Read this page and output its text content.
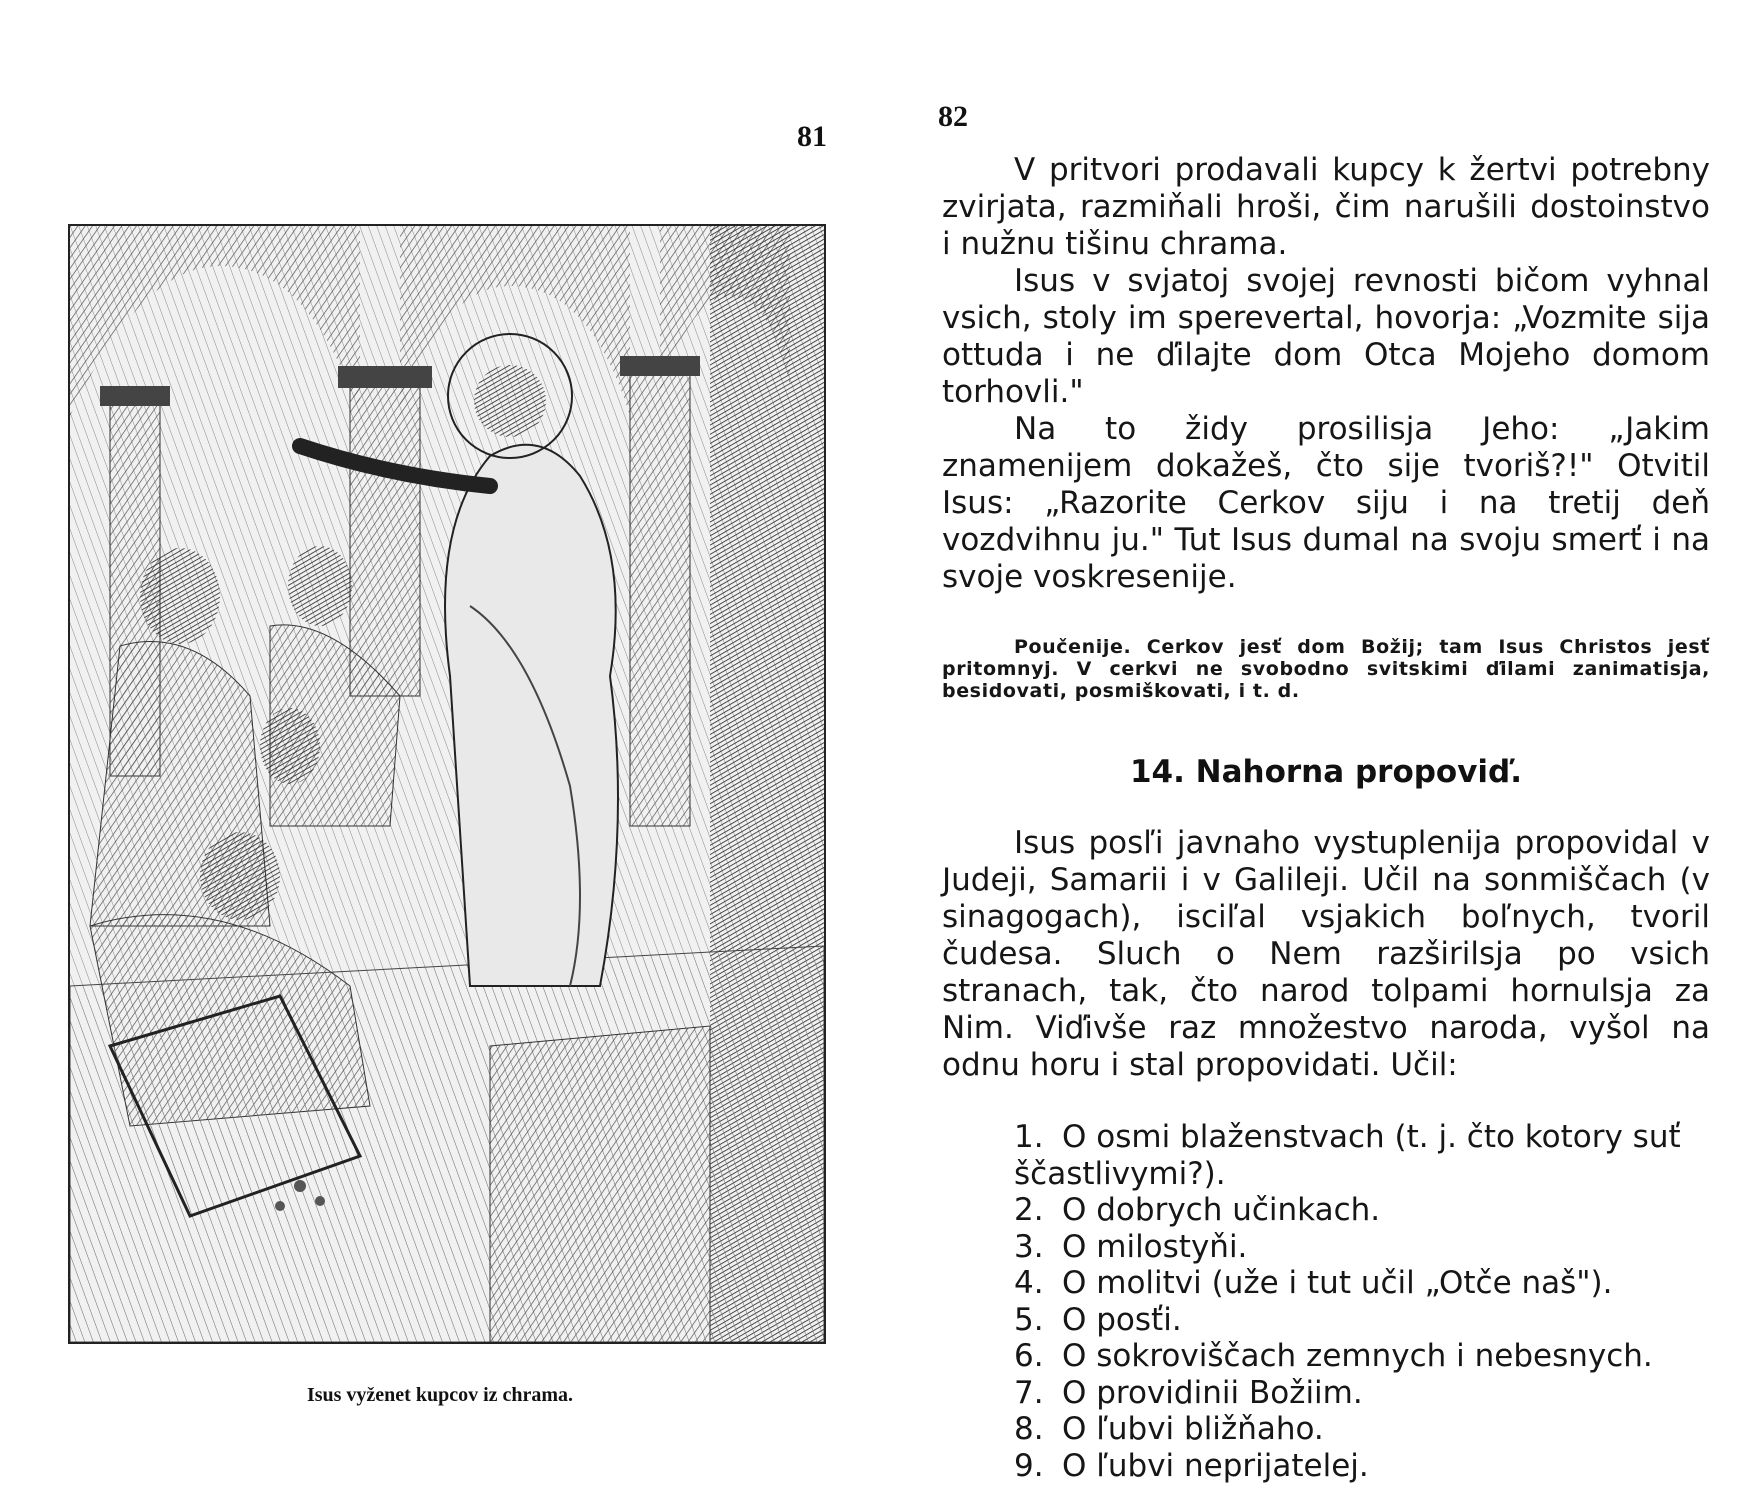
81
Isus vyženet kupcov iz chrama.
82

V pritvori prodavali kupcy k žertvi potrebny zvirjata, razmiňali hroši, čim narušili dostoinstvo i nužnu tišinu chrama.

Isus v svjatoj svojej revnosti bičom vyhnal vsich, stoly im sperevertal, hovorja: „Vozmite sija ottuda i ne ďilajte dom Otca Mojeho domom torhovli."

Na to židy prosilisja Jeho: „Jakim znamenijem dokažeš, čto sije tvoriš?!" Otvitil Isus: „Razorite Cerkov siju i na tretij deň vozdvihnu ju." Tut Isus dumal na svoju smerť i na svoje voskresenije.

Poučenije. Cerkov jesť dom Božij; tam Isus Christos jesť pritomnyj. V cerkvi ne svobodno svitskimi ďilami zanimatisja, besidovati, posmiškovati, i t. d.
14. Nahorna propoviď.

Isus posľi javnaho vystuplenija propovidal v Judeji, Samarii i v Galileji. Učil na sonmiščach (v sinagogach), isciľal vsjakich boľnych, tvoril čudesa. Sluch o Nem razširilsja po vsich stranach, tak, čto narod tolpami hornulsja za Nim. Viďivše raz množestvo naroda, vyšol na odnu horu i stal propovidati. Učil:

1. O osmi blaženstvach (t. j. čto kotory suť ščastlivymi?).
2. O dobrych učinkach.
3. O milostyňi.
4. O molitvi (uže i tut učil „Otče naš").
5. O posťi.
6. O sokroviščach zemnych i nebesnych.
7. O providinii Božiim.
8. O ľubvi bližňaho.
9. O ľubvi neprijatelej.
